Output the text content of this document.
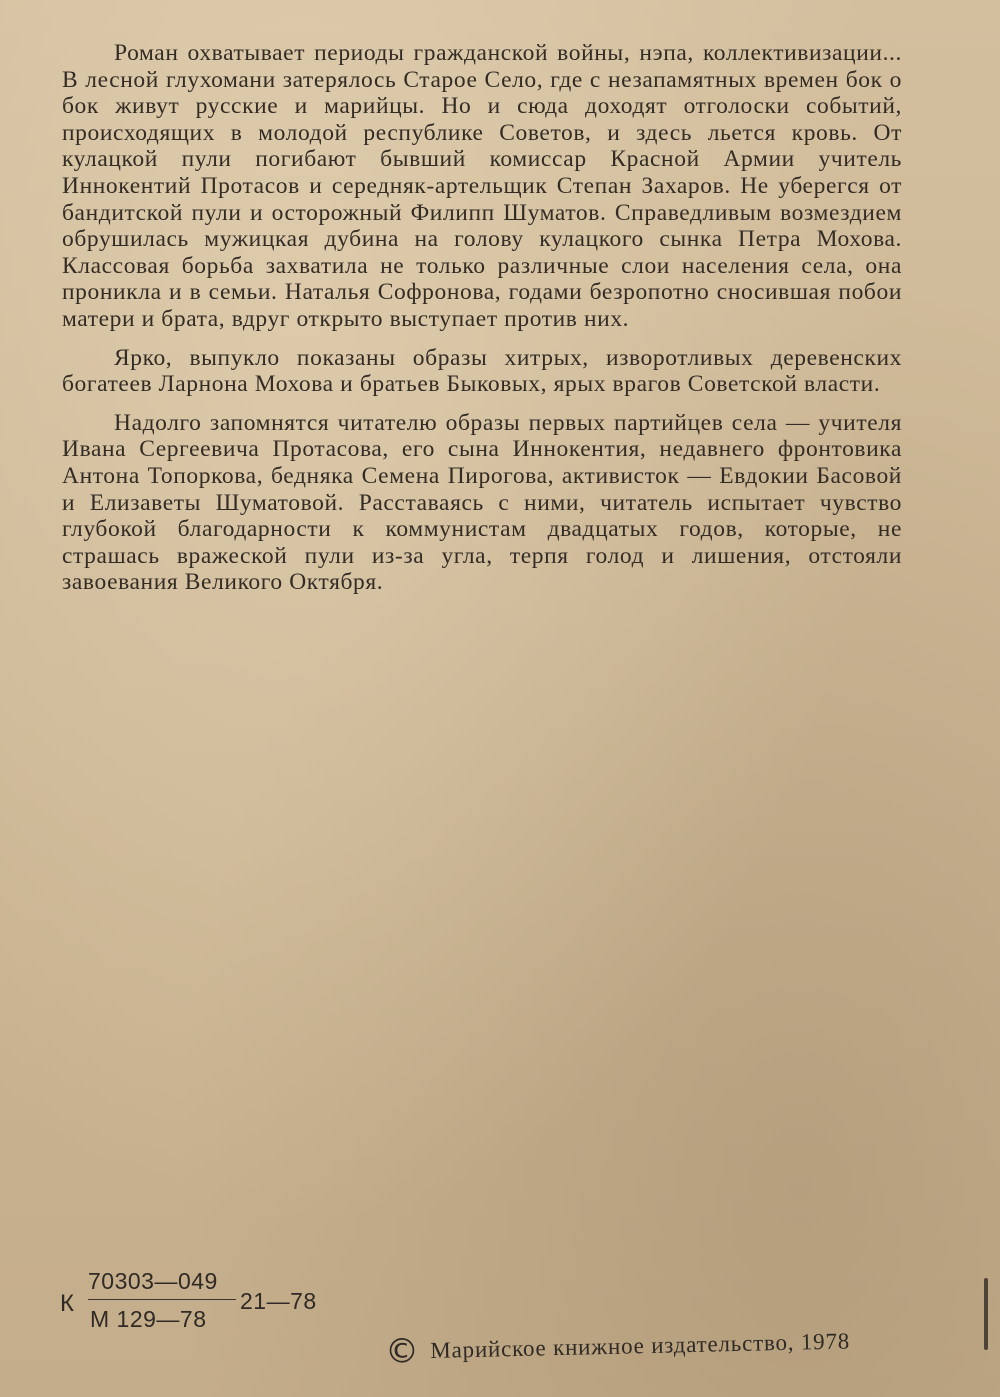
Роман охватывает периоды гражданской войны, нэпа, коллективизации... В лесной глухомани затерялось Старое Село, где с незапамятных времен бок о бок живут русские и марийцы. Но и сюда доходят отголоски событий, происходящих в молодой республике Советов, и здесь льется кровь. От кулацкой пули погибают бывший комиссар Красной Армии учитель Иннокентий Протасов и середняк-артельщик Степан Захаров. Не уберегся от бандитской пули и осторожный Филипп Шуматов. Справедливым возмездием обрушилась мужицкая дубина на голову кулацкого сынка Петра Мохова. Классовая борьба захватила не только различные слои населения села, она проникла и в семьи. Наталья Софронова, годами безропотно сносившая побои матери и брата, вдруг открыто выступает против них.

Ярко, выпукло показаны образы хитрых, изворотливых деревенских богатеев Ларнона Мохова и братьев Быковых, ярых врагов Советской власти.

Надолго запомнятся читателю образы первых партийцев села — учителя Ивана Сергеевича Протасова, его сына Иннокентия, недавнего фронтовика Антона Топоркова, бедняка Семена Пирогова, активисток — Евдокии Басовой и Елизаветы Шуматовой. Расставаясь с ними, читатель испытает чувство глубокой благодарности к коммунистам двадцатых годов, которые, не страшась вражеской пули из-за угла, терпя голод и лишения, отстояли завоевания Великого Октября.

К
70303—049
М 129—78
21—78
© Марийское книжное издательство, 1978
